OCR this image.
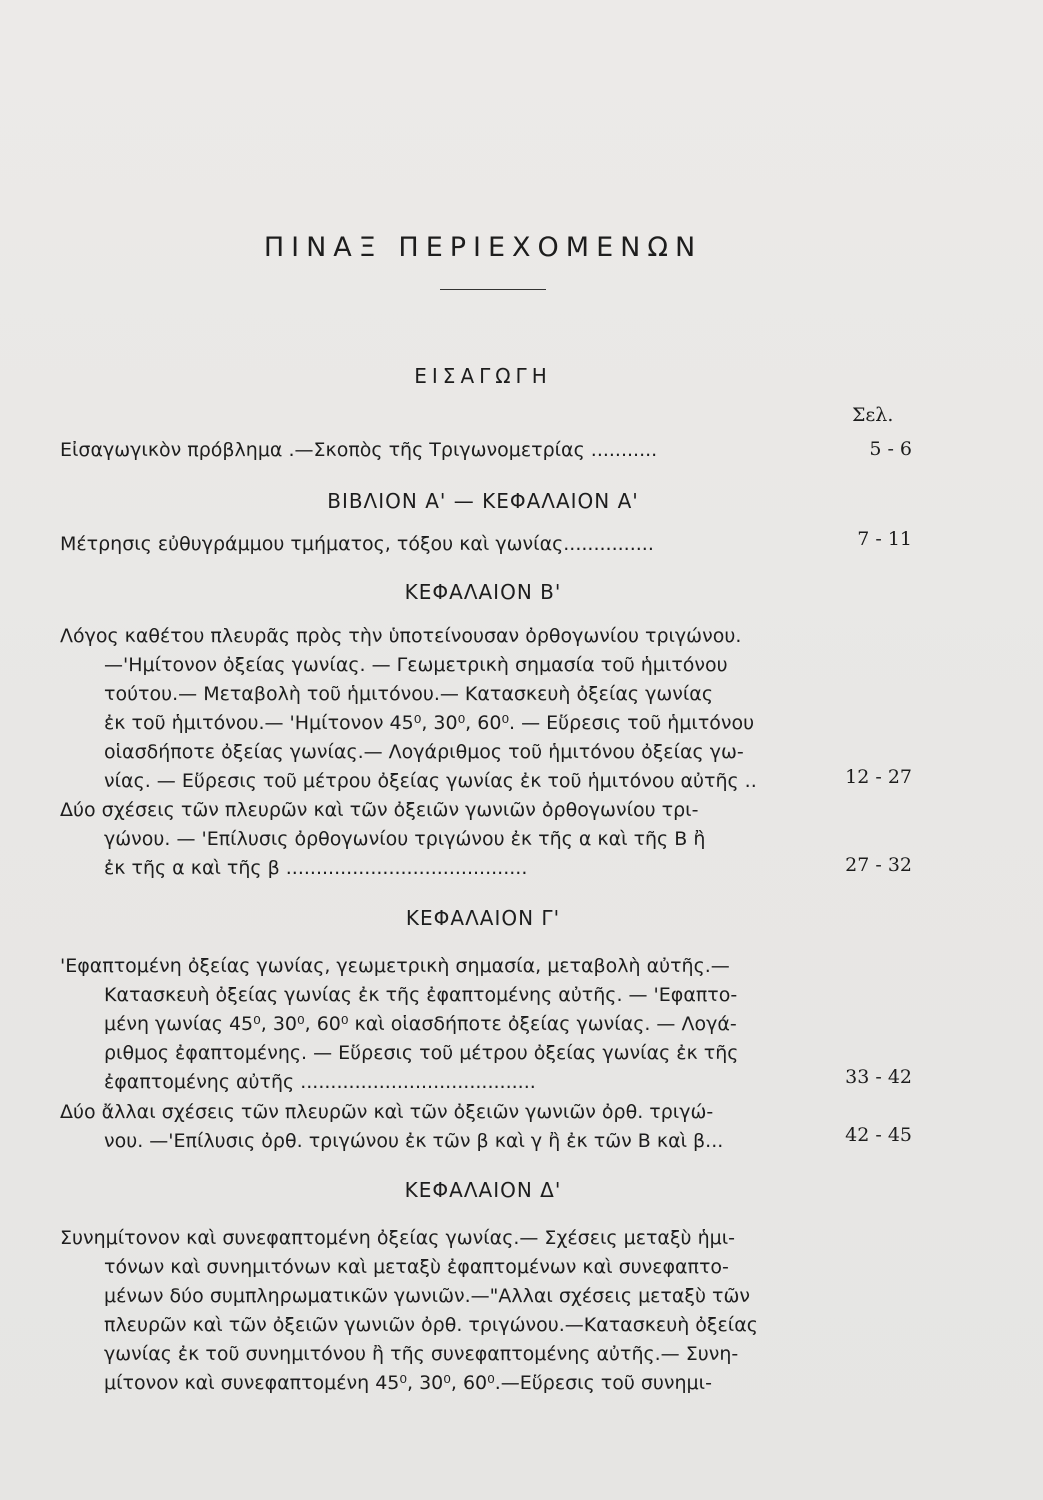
ΠΙΝΑΞ ΠΕΡΙΕΧΟΜΕΝΩΝ
ΕΙΣΑΓΩΓΗ
Σελ.
Εἰσαγωγικὸν πρόβλημα .—Σκοπὸς τῆς Τριγωνομετρίας ...........	5 - 6
ΒΙΒΛΙΟΝ Α' — ΚΕΦΑΛΑΙΟΝ Α'
Μέτρησις εὐθυγράμμου τμήματος, τόξου καὶ γωνίας...............	7 - 11
ΚΕΦΑΛΑΙΟΝ Β'
Λόγος καθέτου πλευρᾶς πρὸς τὴν ὑποτείνουσαν ὀρθογωνίου τριγώνου.
—'Ημίτονον ὀξείας γωνίας. — Γεωμετρικὴ σημασία τοῦ ἡμιτόνου
τούτου.— Μεταβολὴ τοῦ ἡμιτόνου.— Κατασκευὴ ὀξείας γωνίας
ἐκ τοῦ ἡμιτόνου.— 'Ημίτονον 45⁰, 30⁰, 60⁰. — Εὕρεσις τοῦ ἡμιτόνου
οἱασδήποτε ὀξείας γωνίας.— Λογάριθμος τοῦ ἡμιτόνου ὀξείας γω-
νίας. — Εὕρεσις τοῦ μέτρου ὀξείας γωνίας ἐκ τοῦ ἡμιτόνου αὐτῆς ..	12 - 27
Δύο σχέσεις τῶν πλευρῶν καὶ τῶν ὀξειῶν γωνιῶν ὀρθογωνίου τρι-
γώνου. — 'Επίλυσις ὀρθογωνίου τριγώνου ἐκ τῆς α καὶ τῆς Β ἢ
ἐκ τῆς α καὶ τῆς β ........................................	27 - 32
ΚΕΦΑΛΑΙΟΝ Γ'
'Εφαπτομένη ὀξείας γωνίας, γεωμετρικὴ σημασία, μεταβολὴ αὐτῆς.—
Κατασκευὴ ὀξείας γωνίας ἐκ τῆς ἐφαπτομένης αὐτῆς. — 'Εφαπτο-
μένη γωνίας 45⁰, 30⁰, 60⁰ καὶ οἱασδήποτε ὀξείας γωνίας. — Λογά-
ριθμος ἐφαπτομένης. — Εὕρεσις τοῦ μέτρου ὀξείας γωνίας ἐκ τῆς
ἐφαπτομένης αὐτῆς .......................................	33 - 42
Δύο ἄλλαι σχέσεις τῶν πλευρῶν καὶ τῶν ὀξειῶν γωνιῶν ὀρθ. τριγώ-
νου. —'Επίλυσις ὀρθ. τριγώνου ἐκ τῶν β καὶ γ ἢ ἐκ τῶν Β καὶ β...	42 - 45
ΚΕΦΑΛΑΙΟΝ Δ'
Συνημίτονον καὶ συνεφαπτομένη ὀξείας γωνίας.— Σχέσεις μεταξὺ ἡμι-
τόνων καὶ συνημιτόνων καὶ μεταξὺ ἐφαπτομένων καὶ συνεφαπτο-
μένων δύο συμπληρωματικῶν γωνιῶν.—"Αλλαι σχέσεις μεταξὺ τῶν
πλευρῶν καὶ τῶν ὀξειῶν γωνιῶν ὀρθ. τριγώνου.—Κατασκευὴ ὀξείας
γωνίας ἐκ τοῦ συνημιτόνου ἢ τῆς συνεφαπτομένης αὐτῆς.— Συνη-
μίτονον καὶ συνεφαπτομένη 45⁰, 30⁰, 60⁰.—Εὕρεσις τοῦ συνημι-
